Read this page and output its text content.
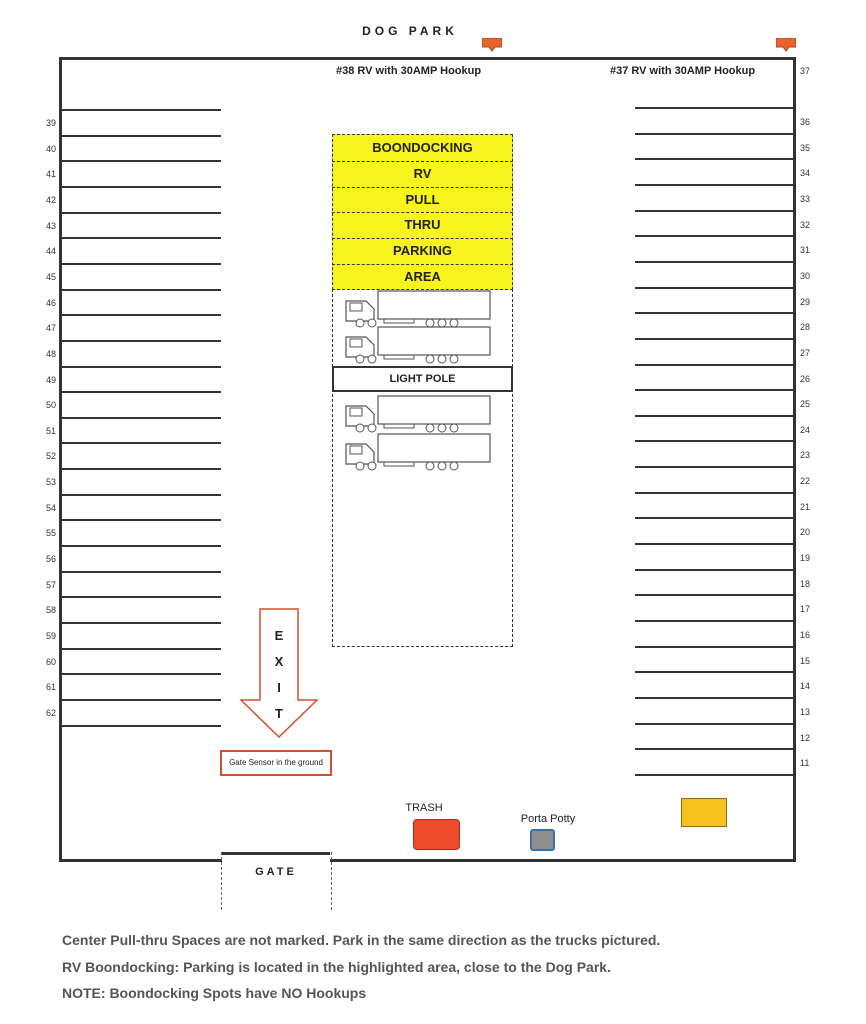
DOG PARK
#38 RV with 30AMP Hookup	#37 RV with 30AMP Hookup	37
39
40
41
42
43
44
45
46
47
48
49
50
51
52
53
54
55
56
57
58
59
60
61
62
36
35
34
33
32
31
30
29
28
27
26
25
24
23
22
21
20
19
18
17
16
15
14
13
12
11
BOONDOCKING
RV
PULL
THRU
PARKING
AREA
LIGHT POLE
E
X
I
T
Gate Sensor in the ground
GATE
TRASH
Porta Potty
Center Pull-thru Spaces are not marked. Park in the same direction as the trucks pictured.
RV Boondocking: Parking is located in the highlighted area, close to the Dog Park.
NOTE: Boondocking Spots have NO Hookups
